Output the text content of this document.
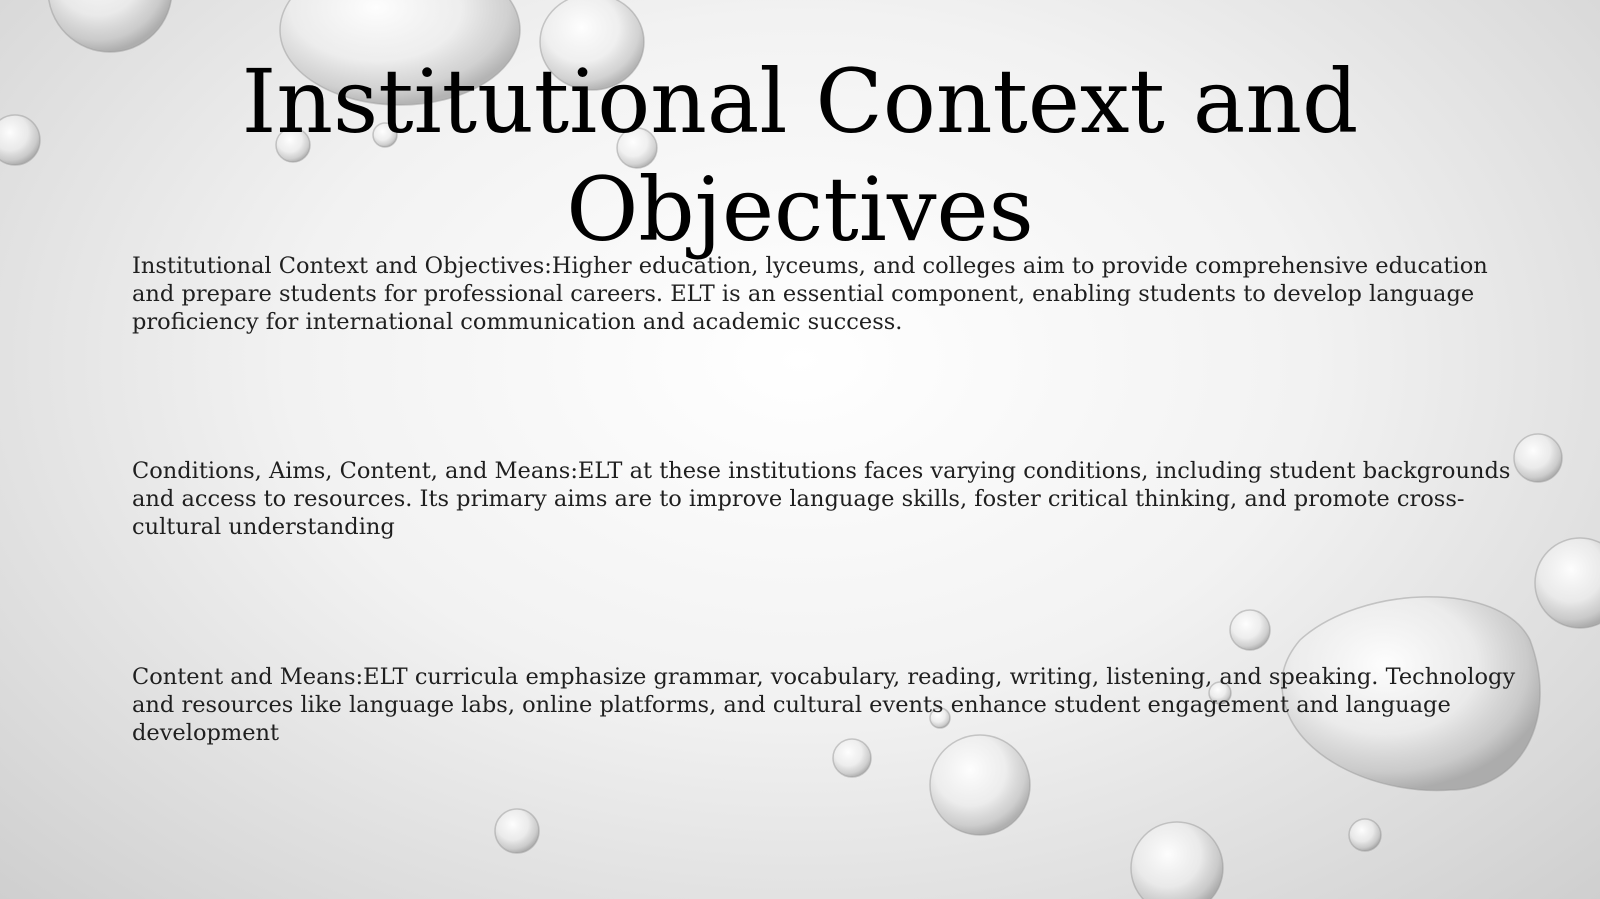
Institutional Context and Objectives

Institutional Context and Objectives:Higher education, lyceums, and colleges aim to provide comprehensive education and prepare students for professional careers. ELT is an essential component, enabling students to develop language proficiency for international communication and academic success.

Conditions, Aims, Content, and Means:ELT at these institutions faces varying conditions, including student backgrounds and access to resources. Its primary aims are to improve language skills, foster critical thinking, and promote cross-cultural understanding

Content and Means:ELT curricula emphasize grammar, vocabulary, reading, writing, listening, and speaking. Technology and resources like language labs, online platforms, and cultural events enhance student engagement and language development
